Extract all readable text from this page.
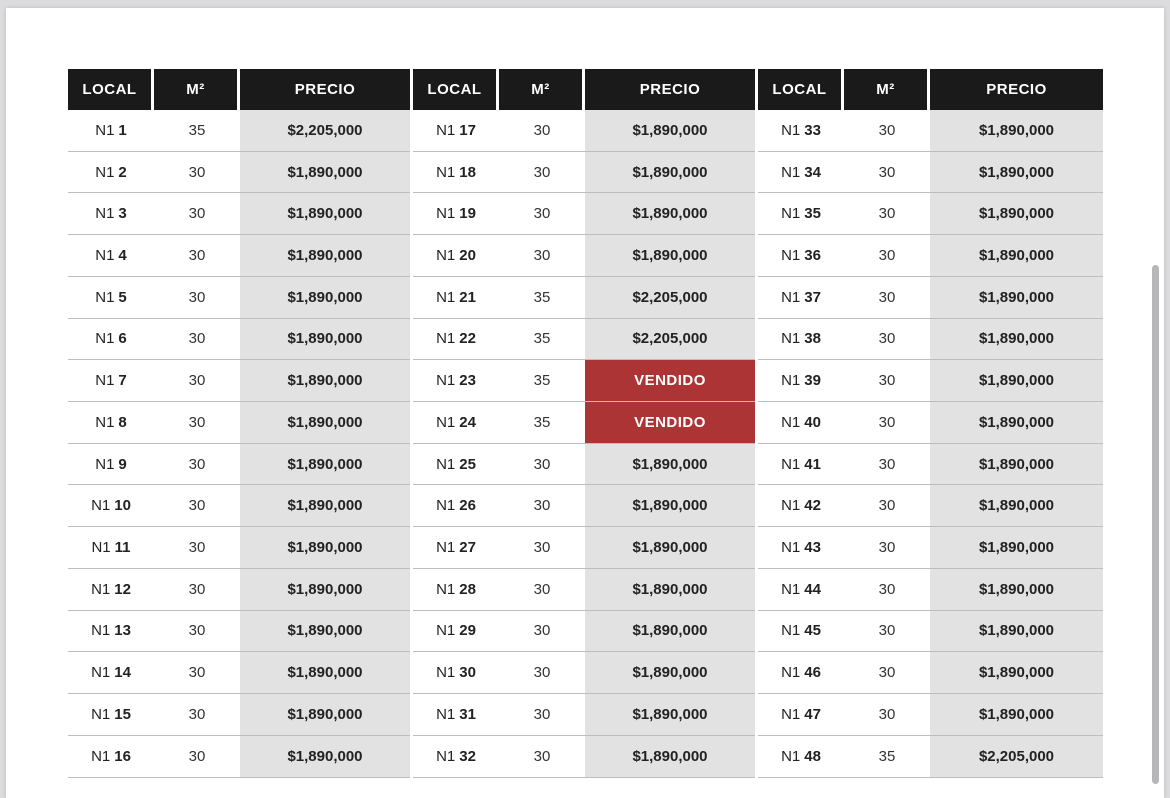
LOCAL	M²	PRECIO	LOCAL	M²	PRECIO	LOCAL	M²	PRECIO
N1 1	35	$2,205,000	N1 17	30	$1,890,000	N1 33	30	$1,890,000
N1 2	30	$1,890,000	N1 18	30	$1,890,000	N1 34	30	$1,890,000
N1 3	30	$1,890,000	N1 19	30	$1,890,000	N1 35	30	$1,890,000
N1 4	30	$1,890,000	N1 20	30	$1,890,000	N1 36	30	$1,890,000
N1 5	30	$1,890,000	N1 21	35	$2,205,000	N1 37	30	$1,890,000
N1 6	30	$1,890,000	N1 22	35	$2,205,000	N1 38	30	$1,890,000
N1 7	30	$1,890,000	N1 23	35	VENDIDO	N1 39	30	$1,890,000
N1 8	30	$1,890,000	N1 24	35	VENDIDO	N1 40	30	$1,890,000
N1 9	30	$1,890,000	N1 25	30	$1,890,000	N1 41	30	$1,890,000
N1 10	30	$1,890,000	N1 26	30	$1,890,000	N1 42	30	$1,890,000
N1 11	30	$1,890,000	N1 27	30	$1,890,000	N1 43	30	$1,890,000
N1 12	30	$1,890,000	N1 28	30	$1,890,000	N1 44	30	$1,890,000
N1 13	30	$1,890,000	N1 29	30	$1,890,000	N1 45	30	$1,890,000
N1 14	30	$1,890,000	N1 30	30	$1,890,000	N1 46	30	$1,890,000
N1 15	30	$1,890,000	N1 31	30	$1,890,000	N1 47	30	$1,890,000
N1 16	30	$1,890,000	N1 32	30	$1,890,000	N1 48	35	$2,205,000
